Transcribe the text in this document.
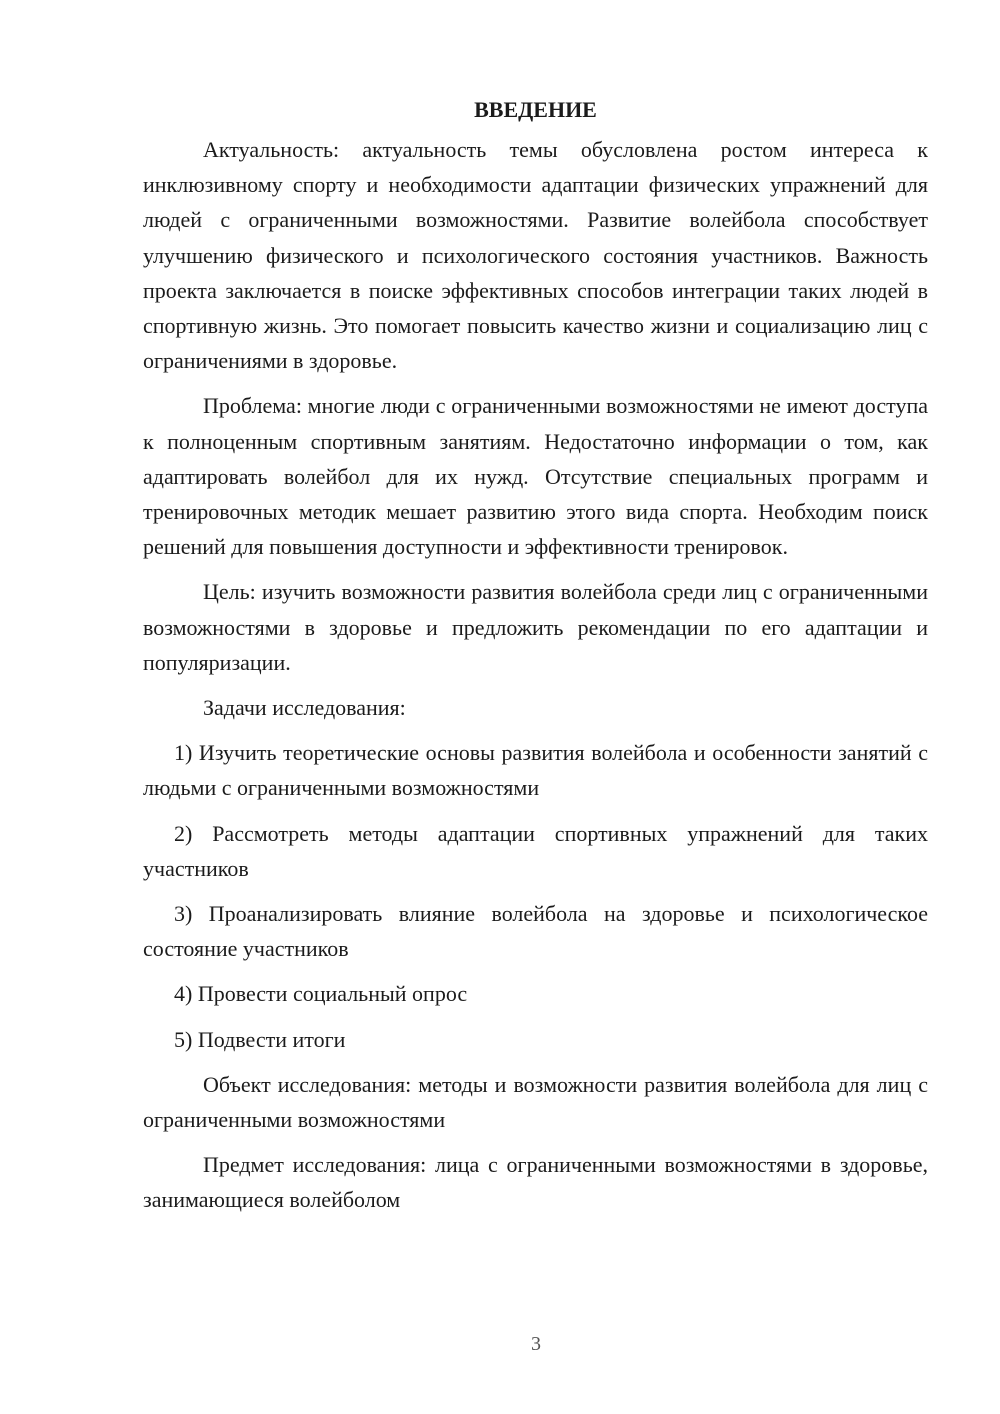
ВВЕДЕНИЕ

Актуальность: актуальность темы обусловлена ростом интереса к инклюзивному спорту и необходимости адаптации физических упражнений для людей с ограниченными возможностями. Развитие волейбола способствует улучшению физического и психологического состояния участников. Важность проекта заключается в поиске эффективных способов интеграции таких людей в спортивную жизнь. Это помогает повысить качество жизни и социализацию лиц с ограничениями в здоровье.

Проблема: многие люди с ограниченными возможностями не имеют доступа к полноценным спортивным занятиям. Недостаточно информации о том, как адаптировать волейбол для их нужд. Отсутствие специальных программ и тренировочных методик мешает развитию этого вида спорта. Необходим поиск решений для повышения доступности и эффективности тренировок.

Цель: изучить возможности развития волейбола среди лиц с ограниченными возможностями в здоровье и предложить рекомендации по его адаптации и популяризации.

Задачи исследования:

1) Изучить теоретические основы развития волейбола и особенности занятий с людьми с ограниченными возможностями

2) Рассмотреть методы адаптации спортивных упражнений для таких участников

3) Проанализировать влияние волейбола на здоровье и психологическое состояние участников

4) Провести социальный опрос

5) Подвести итоги

Объект исследования: методы и возможности развития волейбола для лиц с ограниченными возможностями

Предмет исследования: лица с ограниченными возможностями в здоровье, занимающиеся волейболом

3
